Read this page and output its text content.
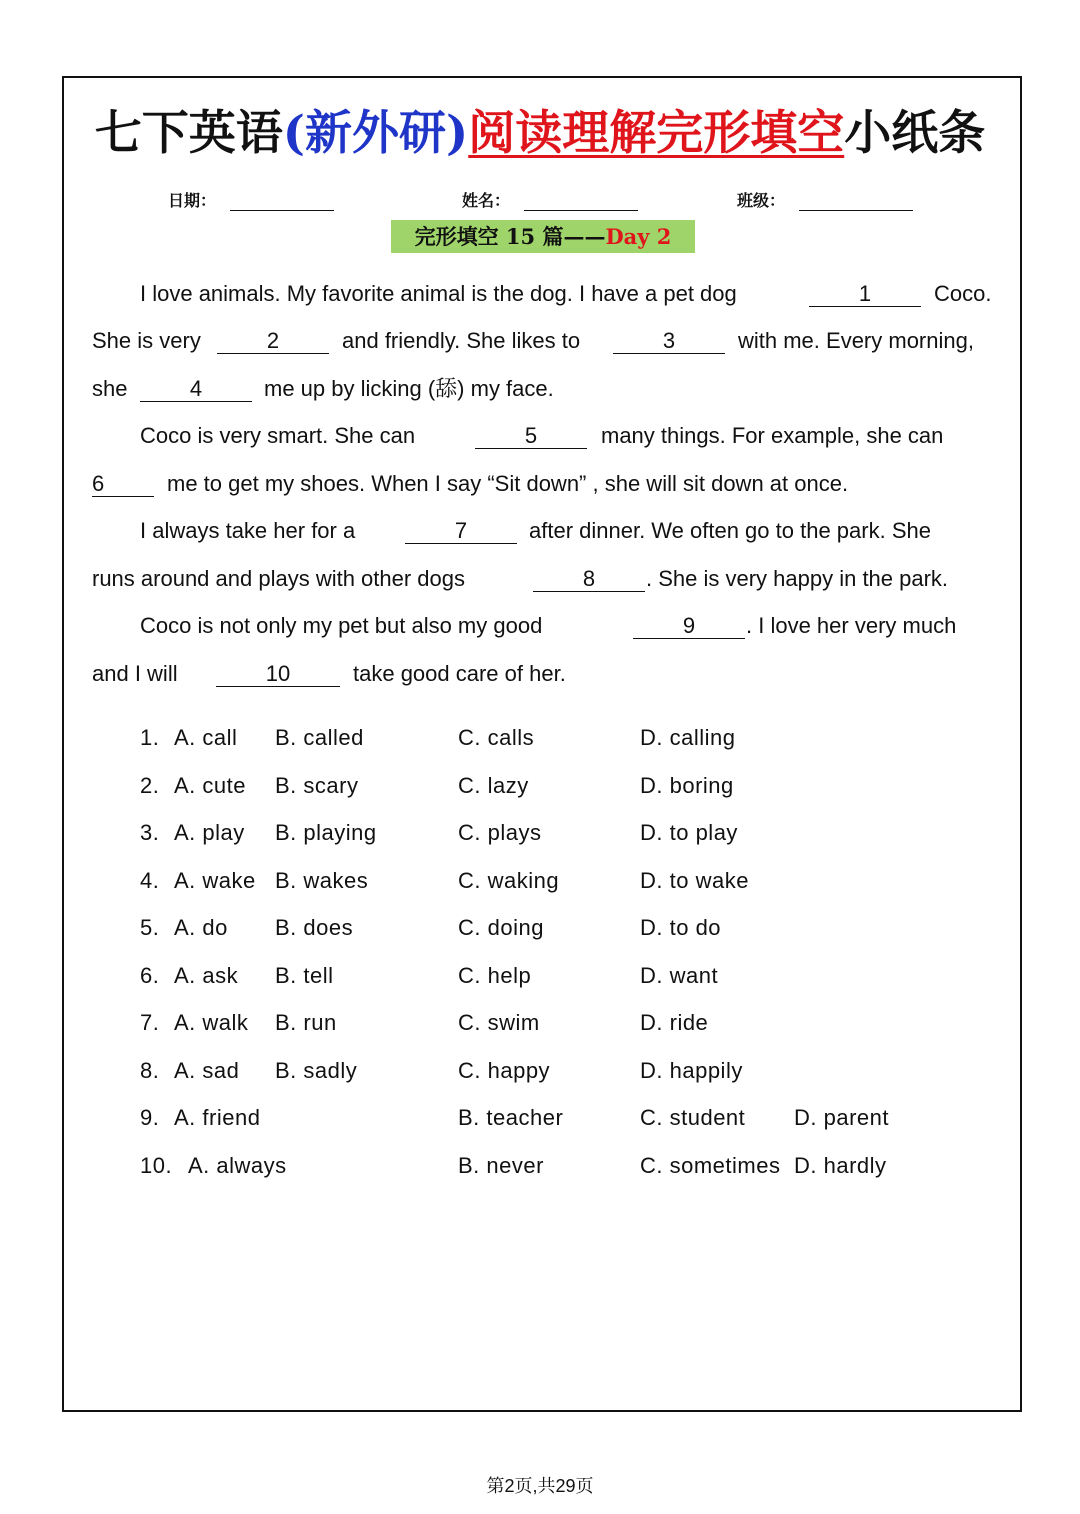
七下英语(新外研)阅读理解完形填空小纸条
日期：	姓名：	班级：
完形填空 15 篇——Day 2
I love animals. My favorite animal is the dog. I have a pet dog	1	Coco.
She is very	2	and friendly. She likes to	3	with me. Every morning,
she	4	me up by licking (舔) my face.
Coco is very smart. She can	5	many things. For example, she can
6	me to get my shoes. When I say “Sit down” , she will sit down at once.
I always take her for a	7	after dinner. We often go to the park. She
runs around and plays with other dogs	8	. She is very happy in the park.
Coco is not only my pet but also my good	9	. I love her very much
and I will	10	take good care of her.
1. A. call B. called	C. calls	D. calling
2. A. cute B. scary	C. lazy	D. boring
3. A. play B. playing	C. plays	D. to play
4. A. wake B. wakes	C. waking	D. to wake
5. A. do B. does	C. doing	D. to do
6. A. ask B. tell	C. help	D. want
7. A. walk B. run	C. swim	D. ride
8. A. sad B. sadly	C. happy	D. happily
9. A. friend	B. teacher	C. student D. parent
10. A. always	B. never	C. sometimes D. hardly
第2页,共29页
